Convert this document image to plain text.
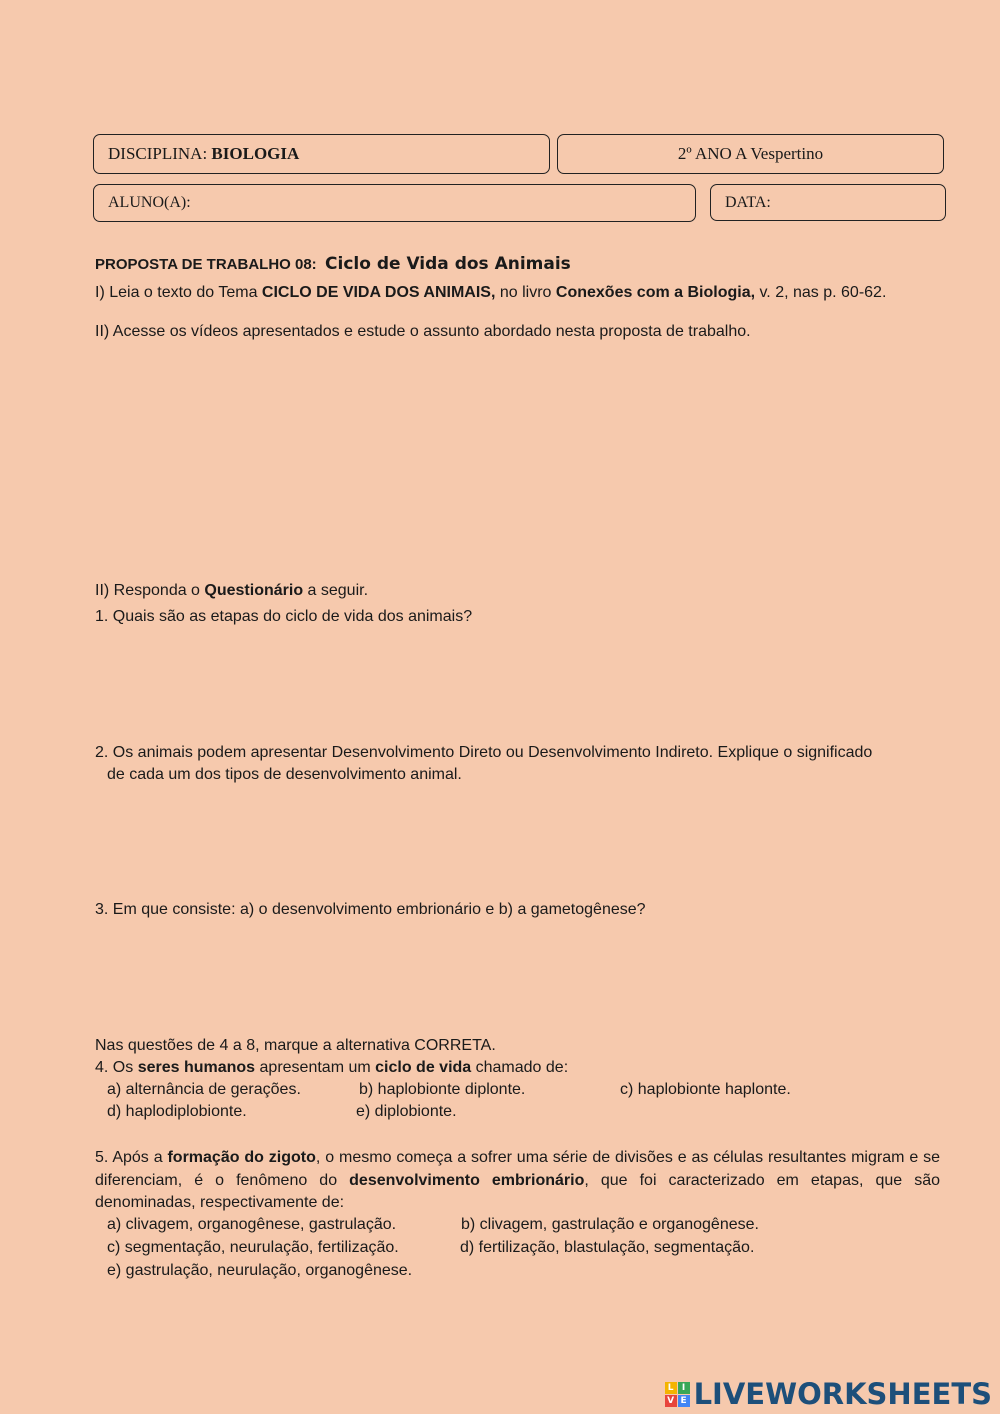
DISCIPLINA:
BIOLOGIA	2º ANO A Vespertino
ALUNO(A):	DATA:
PROPOSTA DE TRABALHO 08: Ciclo de Vida dos Animais
I) Leia o texto do Tema CICLO DE VIDA DOS ANIMAIS, no livro Conexões com a Biologia, v. 2, nas p. 60-62.
II) Acesse os vídeos apresentados e estude o assunto abordado nesta proposta de trabalho.
II) Responda o Questionário a seguir.
1. Quais são as etapas do ciclo de vida dos animais?
2. Os animais podem apresentar Desenvolvimento Direto ou Desenvolvimento Indireto. Explique o significado
de cada um dos tipos de desenvolvimento animal.
3. Em que consiste: a) o desenvolvimento embrionário e b) a gametogênese?
Nas questões de 4 a 8, marque a alternativa CORRETA.
4. Os seres humanos apresentam um ciclo de vida chamado de:
a) alternância de gerações.	b) haplobionte diplonte.	c) haplobionte haplonte.
d) haplodiplobionte.	e) diplobionte.
5. Após a formação do zigoto, o mesmo começa a sofrer uma série de divisões e as células resultantes migram e se diferenciam, é o fenômeno do desenvolvimento embrionário, que foi caracterizado em etapas, que são denominadas, respectivamente de:
a) clivagem, organogênese, gastrulação.	b) clivagem, gastrulação e organogênese.
c) segmentação, neurulação, fertilização.	d) fertilização, blastulação, segmentação.
e) gastrulação, neurulação, organogênese.
L I
V E LIVEWORKSHEETS
